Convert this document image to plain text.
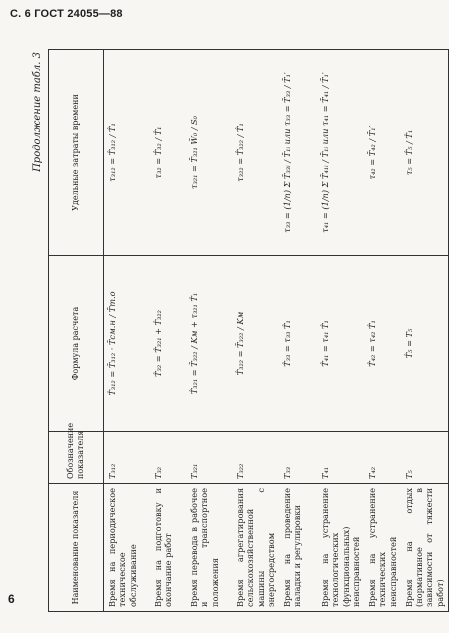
С. 6 ГОСТ 24055—88
Продолжение табл. 3
Наименование показателя	Обозначение показателя	Формула расчета	Удельные затраты времени
Время на периодическое техническое обслуживание	T₃₁₂	T̂₃₁₂ = T̄₃₁₂ · T̄см.н / T̄т.о	τ₃₁₂ = T̂₃₁₂ / T̂₁
Время на подготовку и окончание работ	T₃₂	T̂₃₂ = T̂₃₂₁ + T̂₃₂₂	τ₃₂ = T̂₃₂ / T̂₁
Время перевода в рабочее и транспортное положения	T₃₂₁	T̂₃₂₁ = T̄₃₂₂ / Kм + τ₃₂₁ T̂₁	τ₃₂₁ = T̄₃₂₁ W̄₀ / S₀
Время агрегатирования сельскохозяйственной машины с энергосредством	T₃₂₂	T̂₃₂₂ = T̄₃₂₂ / Kм	τ₃₂₂ = T̂₃₂₂ / T̂₁
Время на проведение наладки и регулировки	T₃₃	T̂₃₃ = τ₃₃ T̂₁	τ₃₃ = (1/n) Σ T̄₃₃ᵢ / T̄₁ᵢ или τ₃₃ = T̄₃₃ / T̄₁′
Время на устранение технологических (функциональных) неисправностей	T₄₁	T̂₄₁ = τ₄₁ T̂₁	τ₄₁ = (1/n) Σ T̄₄₁ᵢ / T̄₁ᵢ или τ₄₁ = T̄₄₁ / T̄₁′
Время на устранение технических неисправностей	T₄₂	T̂₄₂ = τ₄₂ T̂₁	τ₄₂ = T̄₄₂ / T̄₁′
Время на отдых (нормативное в зависимости от тяжести работ)	T₅	T̂₅ = T₅	τ₅ = T̂₅ / T̂₁
6
